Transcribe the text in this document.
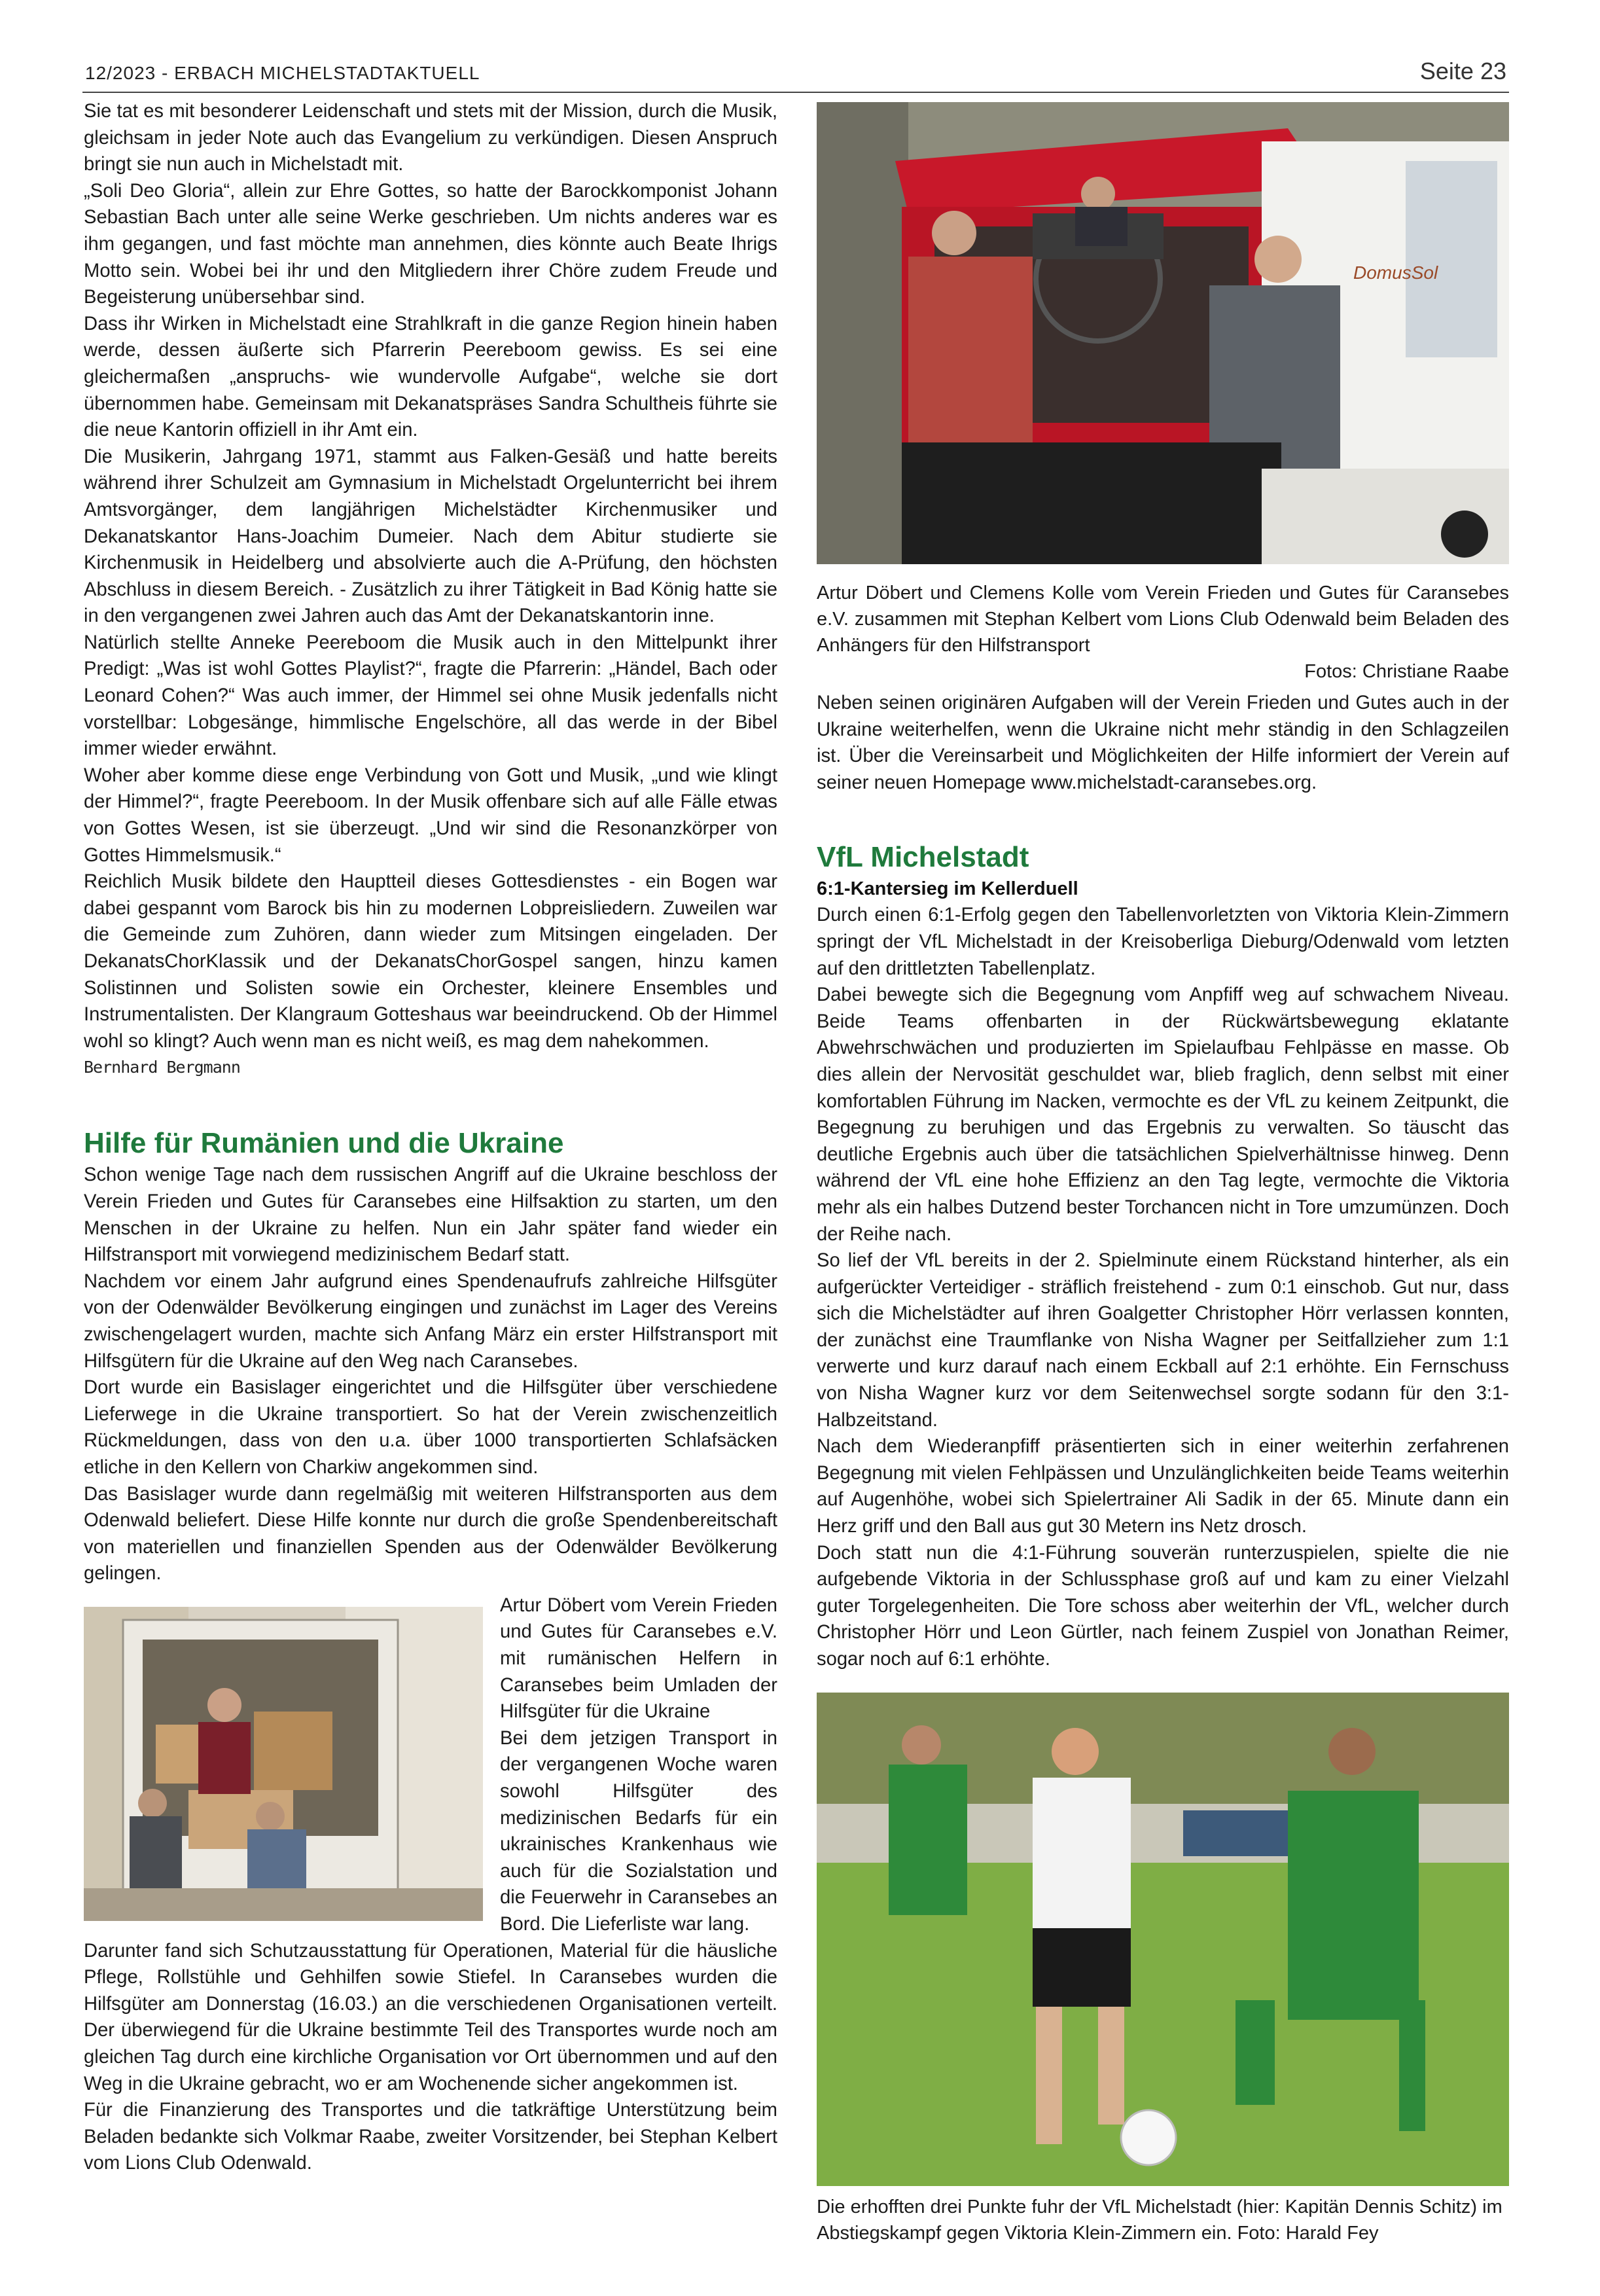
12/2023 - ERBACH MICHELSTADTAKTUELL	Seite 23

Sie tat es mit besonderer Leidenschaft und stets mit der Mission, durch die Musik, gleichsam in jeder Note auch das Evangelium zu verkündigen. Diesen Anspruch bringt sie nun auch in Michelstadt mit.

„Soli Deo Gloria“, allein zur Ehre Gottes, so hatte der Barockkomponist Johann Sebastian Bach unter alle seine Werke geschrieben. Um nichts anderes war es ihm gegangen, und fast möchte man annehmen, dies könnte auch Beate Ihrigs Motto sein. Wobei bei ihr und den Mitgliedern ihrer Chöre zudem Freude und Begeisterung unübersehbar sind.

Dass ihr Wirken in Michelstadt eine Strahlkraft in die ganze Region hinein haben werde, dessen äußerte sich Pfarrerin Peereboom gewiss. Es sei eine gleichermaßen „anspruchs- wie wundervolle Aufgabe“, welche sie dort übernommen habe. Gemeinsam mit Dekanatspräses Sandra Schultheis führte sie die neue Kantorin offiziell in ihr Amt ein.

Die Musikerin, Jahrgang 1971, stammt aus Falken-Gesäß und hatte bereits während ihrer Schulzeit am Gymnasium in Michelstadt Orgelunterricht bei ihrem Amtsvorgänger, dem langjährigen Michelstädter Kirchenmusiker und Dekanatskantor Hans-Joachim Dumeier. Nach dem Abitur studierte sie Kirchenmusik in Heidelberg und absolvierte auch die A-Prüfung, den höchsten Abschluss in diesem Bereich. - Zusätzlich zu ihrer Tätigkeit in Bad König hatte sie in den vergangenen zwei Jahren auch das Amt der Dekanatskantorin inne.

Natürlich stellte Anneke Peereboom die Musik auch in den Mittelpunkt ihrer Predigt: „Was ist wohl Gottes Playlist?“, fragte die Pfarrerin: „Händel, Bach oder Leonard Cohen?“ Was auch immer, der Himmel sei ohne Musik jedenfalls nicht vorstellbar: Lobgesänge, himmlische Engelschöre, all das werde in der Bibel immer wieder erwähnt.

Woher aber komme diese enge Verbindung von Gott und Musik, „und wie klingt der Himmel?“, fragte Peereboom. In der Musik offenbare sich auf alle Fälle etwas von Gottes Wesen, ist sie überzeugt. „Und wir sind die Resonanzkörper von Gottes Himmelsmusik.“

Reichlich Musik bildete den Hauptteil dieses Gottesdienstes - ein Bogen war dabei gespannt vom Barock bis hin zu modernen Lobpreisliedern. Zuweilen war die Gemeinde zum Zuhören, dann wieder zum Mitsingen eingeladen. Der DekanatsChorKlassik und der DekanatsChorGospel sangen, hinzu kamen Solistinnen und Solisten sowie ein Orchester, kleinere Ensembles und Instrumentalisten. Der Klangraum Gotteshaus war beeindruckend. Ob der Himmel wohl so klingt? Auch wenn man es nicht weiß, es mag dem nahekommen.

Bernhard Bergmann
Hilfe für Rumänien und die Ukraine

Schon wenige Tage nach dem russischen Angriff auf die Ukraine beschloss der Verein Frieden und Gutes für Caransebes eine Hilfsaktion zu starten, um den Menschen in der Ukraine zu helfen. Nun ein Jahr später fand wieder ein Hilfstransport mit vorwiegend medizinischem Bedarf statt.

Nachdem vor einem Jahr aufgrund eines Spendenaufrufs zahlreiche Hilfsgüter von der Odenwälder Bevölkerung eingingen und zunächst im Lager des Vereins zwischengelagert wurden, machte sich Anfang März ein erster Hilfstransport mit Hilfsgütern für die Ukraine auf den Weg nach Caransebes.

Dort wurde ein Basislager eingerichtet und die Hilfsgüter über verschiedene Lieferwege in die Ukraine transportiert. So hat der Verein zwischenzeitlich Rückmeldungen, dass von den u.a. über 1000 transportierten Schlafsäcken etliche in den Kellern von Charkiw angekommen sind.

Das Basislager wurde dann regelmäßig mit weiteren Hilfstransporten aus dem Odenwald beliefert. Diese Hilfe konnte nur durch die große Spendenbereitschaft von materiellen und finanziellen Spenden aus der Odenwälder Bevölkerung gelingen.

Artur Döbert vom Verein Frieden und Gutes für Caransebes e.V. mit rumänischen Helfern in Caransebes beim Umladen der Hilfsgüter für die Ukraine

Bei dem jetzigen Transport in der vergangenen Woche waren sowohl Hilfsgüter des medizinischen Bedarfs für ein ukrainisches Krankenhaus wie auch für die Sozialstation und die Feuerwehr in Caransebes an Bord. Die Lieferliste war lang.

Darunter fand sich Schutzausstattung für Operationen, Material für die häusliche Pflege, Rollstühle und Gehhilfen sowie Stiefel. In Caransebes wurden die Hilfsgüter am Donnerstag (16.03.) an die verschiedenen Organisationen verteilt. Der überwiegend für die Ukraine bestimmte Teil des Transportes wurde noch am gleichen Tag durch eine kirchliche Organisation vor Ort übernommen und auf den Weg in die Ukraine gebracht, wo er am Wochenende sicher angekommen ist.

Für die Finanzierung des Transportes und die tatkräftige Unterstützung beim Beladen bedankte sich Volkmar Raabe, zweiter Vorsitzender, bei Stephan Kelbert vom Lions Club Odenwald.

DomusSol

Artur Döbert und Clemens Kolle vom Verein Frieden und Gutes für Caransebes e.V. zusammen mit Stephan Kelbert vom Lions Club Odenwald beim Beladen des Anhängers für den Hilfstransport

Fotos: Christiane Raabe

Neben seinen originären Aufgaben will der Verein Frieden und Gutes auch in der Ukraine weiterhelfen, wenn die Ukraine nicht mehr ständig in den Schlagzeilen ist. Über die Vereinsarbeit und Möglichkeiten der Hilfe informiert der Verein auf seiner neuen Homepage www.michelstadt-caransebes.org.

VfL Michelstadt

6:1-Kantersieg im Kellerduell

Durch einen 6:1-Erfolg gegen den Tabellenvorletzten von Viktoria Klein-Zimmern springt der VfL Michelstadt in der Kreisoberliga Dieburg/Odenwald vom letzten auf den drittletzten Tabellenplatz.

Dabei bewegte sich die Begegnung vom Anpfiff weg auf schwachem Niveau. Beide Teams offenbarten in der Rückwärtsbewegung eklatante Abwehrschwächen und produzierten im Spielaufbau Fehlpässe en masse. Ob dies allein der Nervosität geschuldet war, blieb fraglich, denn selbst mit einer komfortablen Führung im Nacken, vermochte es der VfL zu keinem Zeitpunkt, die Begegnung zu beruhigen und das Ergebnis zu verwalten. So täuscht das deutliche Ergebnis auch über die tatsächlichen Spielverhältnisse hinweg. Denn während der VfL eine hohe Effizienz an den Tag legte, vermochte die Viktoria mehr als ein halbes Dutzend bester Torchancen nicht in Tore umzumünzen. Doch der Reihe nach.

So lief der VfL bereits in der 2. Spielminute einem Rückstand hinterher, als ein aufgerückter Verteidiger - sträflich freistehend - zum 0:1 einschob. Gut nur, dass sich die Michelstädter auf ihren Goalgetter Christopher Hörr verlassen konnten, der zunächst eine Traumflanke von Nisha Wagner per Seitfallzieher zum 1:1 verwerte und kurz darauf nach einem Eckball auf 2:1 erhöhte. Ein Fernschuss von Nisha Wagner kurz vor dem Seitenwechsel sorgte sodann für den 3:1-Halbzeitstand.

Nach dem Wiederanpfiff präsentierten sich in einer weiterhin zerfahrenen Begegnung mit vielen Fehlpässen und Unzulänglichkeiten beide Teams weiterhin auf Augenhöhe, wobei sich Spielertrainer Ali Sadik in der 65. Minute dann ein Herz griff und den Ball aus gut 30 Metern ins Netz drosch.

Doch statt nun die 4:1-Führung souverän runterzuspielen, spielte die nie aufgebende Viktoria in der Schlussphase groß auf und kam zu einer Vielzahl guter Torgelegenheiten. Die Tore schoss aber weiterhin der VfL, welcher durch Christopher Hörr und Leon Gürtler, nach feinem Zuspiel von Jonathan Reimer, sogar noch auf 6:1 erhöhte.

Die erhofften drei Punkte fuhr der VfL Michelstadt (hier: Kapitän Dennis Schitz) im Abstiegskampf gegen Viktoria Klein-Zimmern ein. Foto: Harald Fey
